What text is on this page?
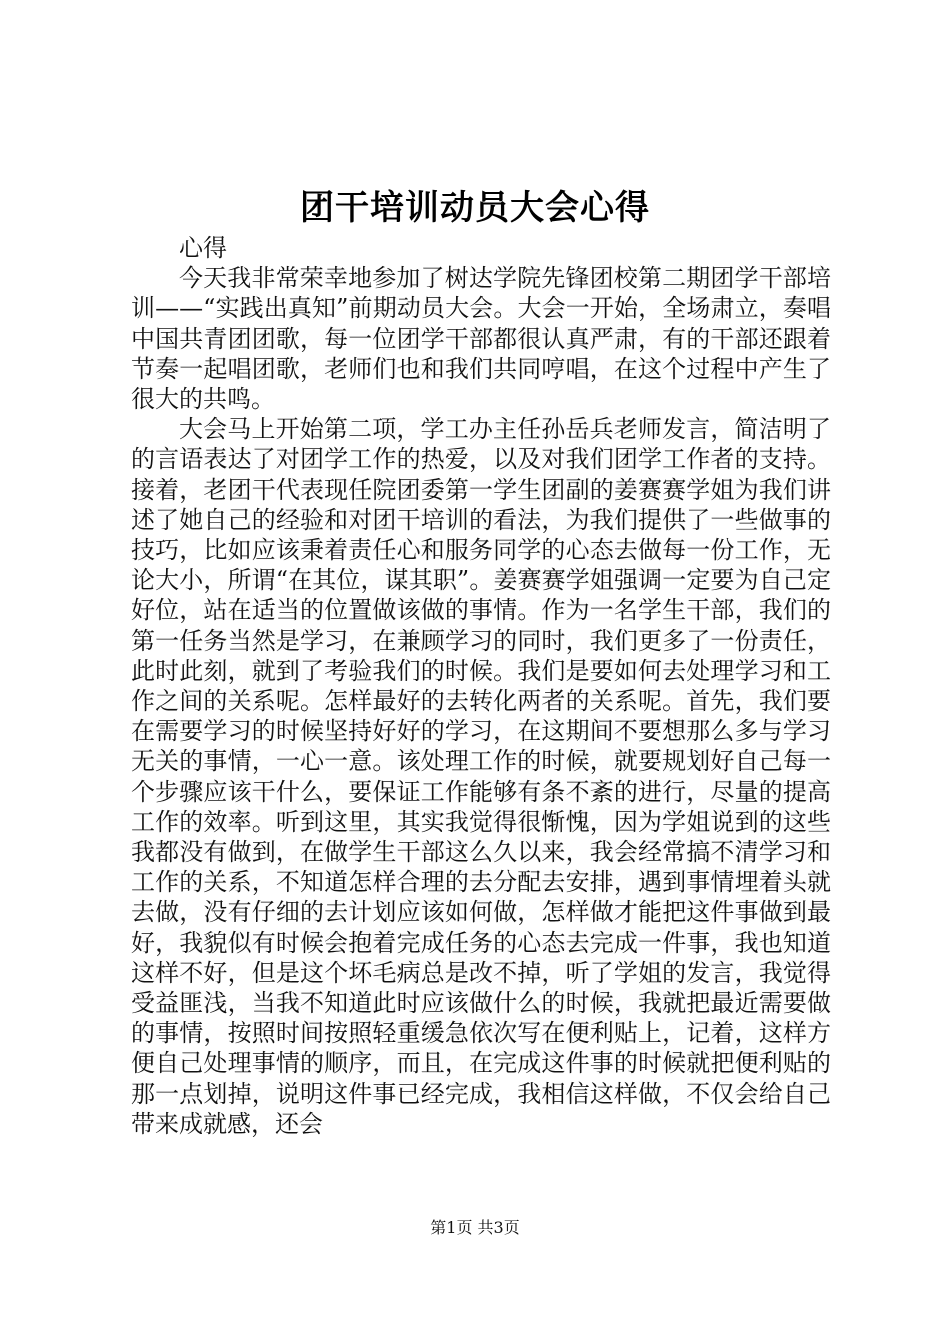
团干培训动员大会心得

心得

今天我非常荣幸地参加了树达学院先锋团校第二期团学干部培训——“实践出真知”前期动员大会。大会一开始，全场肃立，奏唱中国共青团团歌，每一位团学干部都很认真严肃，有的干部还跟着节奏一起唱团歌，老师们也和我们共同哼唱，在这个过程中产生了很大的共鸣。

大会马上开始第二项，学工办主任孙岳兵老师发言，简洁明了的言语表达了对团学工作的热爱，以及对我们团学工作者的支持。接着，老团干代表现任院团委第一学生团副的姜赛赛学姐为我们讲述了她自己的经验和对团干培训的看法，为我们提供了一些做事的技巧，比如应该秉着责任心和服务同学的心态去做每一份工作，无论大小，所谓“在其位，谋其职”。姜赛赛学姐强调一定要为自己定好位，站在适当的位置做该做的事情。作为一名学生干部，我们的第一任务当然是学习，在兼顾学习的同时，我们更多了一份责任，此时此刻，就到了考验我们的时候。我们是要如何去处理学习和工作之间的关系呢。怎样最好的去转化两者的关系呢。首先，我们要在需要学习的时候坚持好好的学习，在这期间不要想那么多与学习无关的事情，一心一意。该处理工作的时候，就要规划好自己每一个步骤应该干什么，要保证工作能够有条不紊的进行，尽量的提高工作的效率。听到这里，其实我觉得很惭愧，因为学姐说到的这些我都没有做到，在做学生干部这么久以来，我会经常搞不清学习和工作的关系，不知道怎样合理的去分配去安排，遇到事情埋着头就去做，没有仔细的去计划应该如何做，怎样做才能把这件事做到最好，我貌似有时候会抱着完成任务的心态去完成一件事，我也知道这样不好，但是这个坏毛病总是改不掉，听了学姐的发言，我觉得受益匪浅，当我不知道此时应该做什么的时候，我就把最近需要做的事情，按照时间按照轻重缓急依次写在便利贴上，记着，这样方便自己处理事情的顺序，而且，在完成这件事的时候就把便利贴的那一点划掉，说明这件事已经完成，我相信这样做，不仅会给自己带来成就感，还会

第1页 共3页
